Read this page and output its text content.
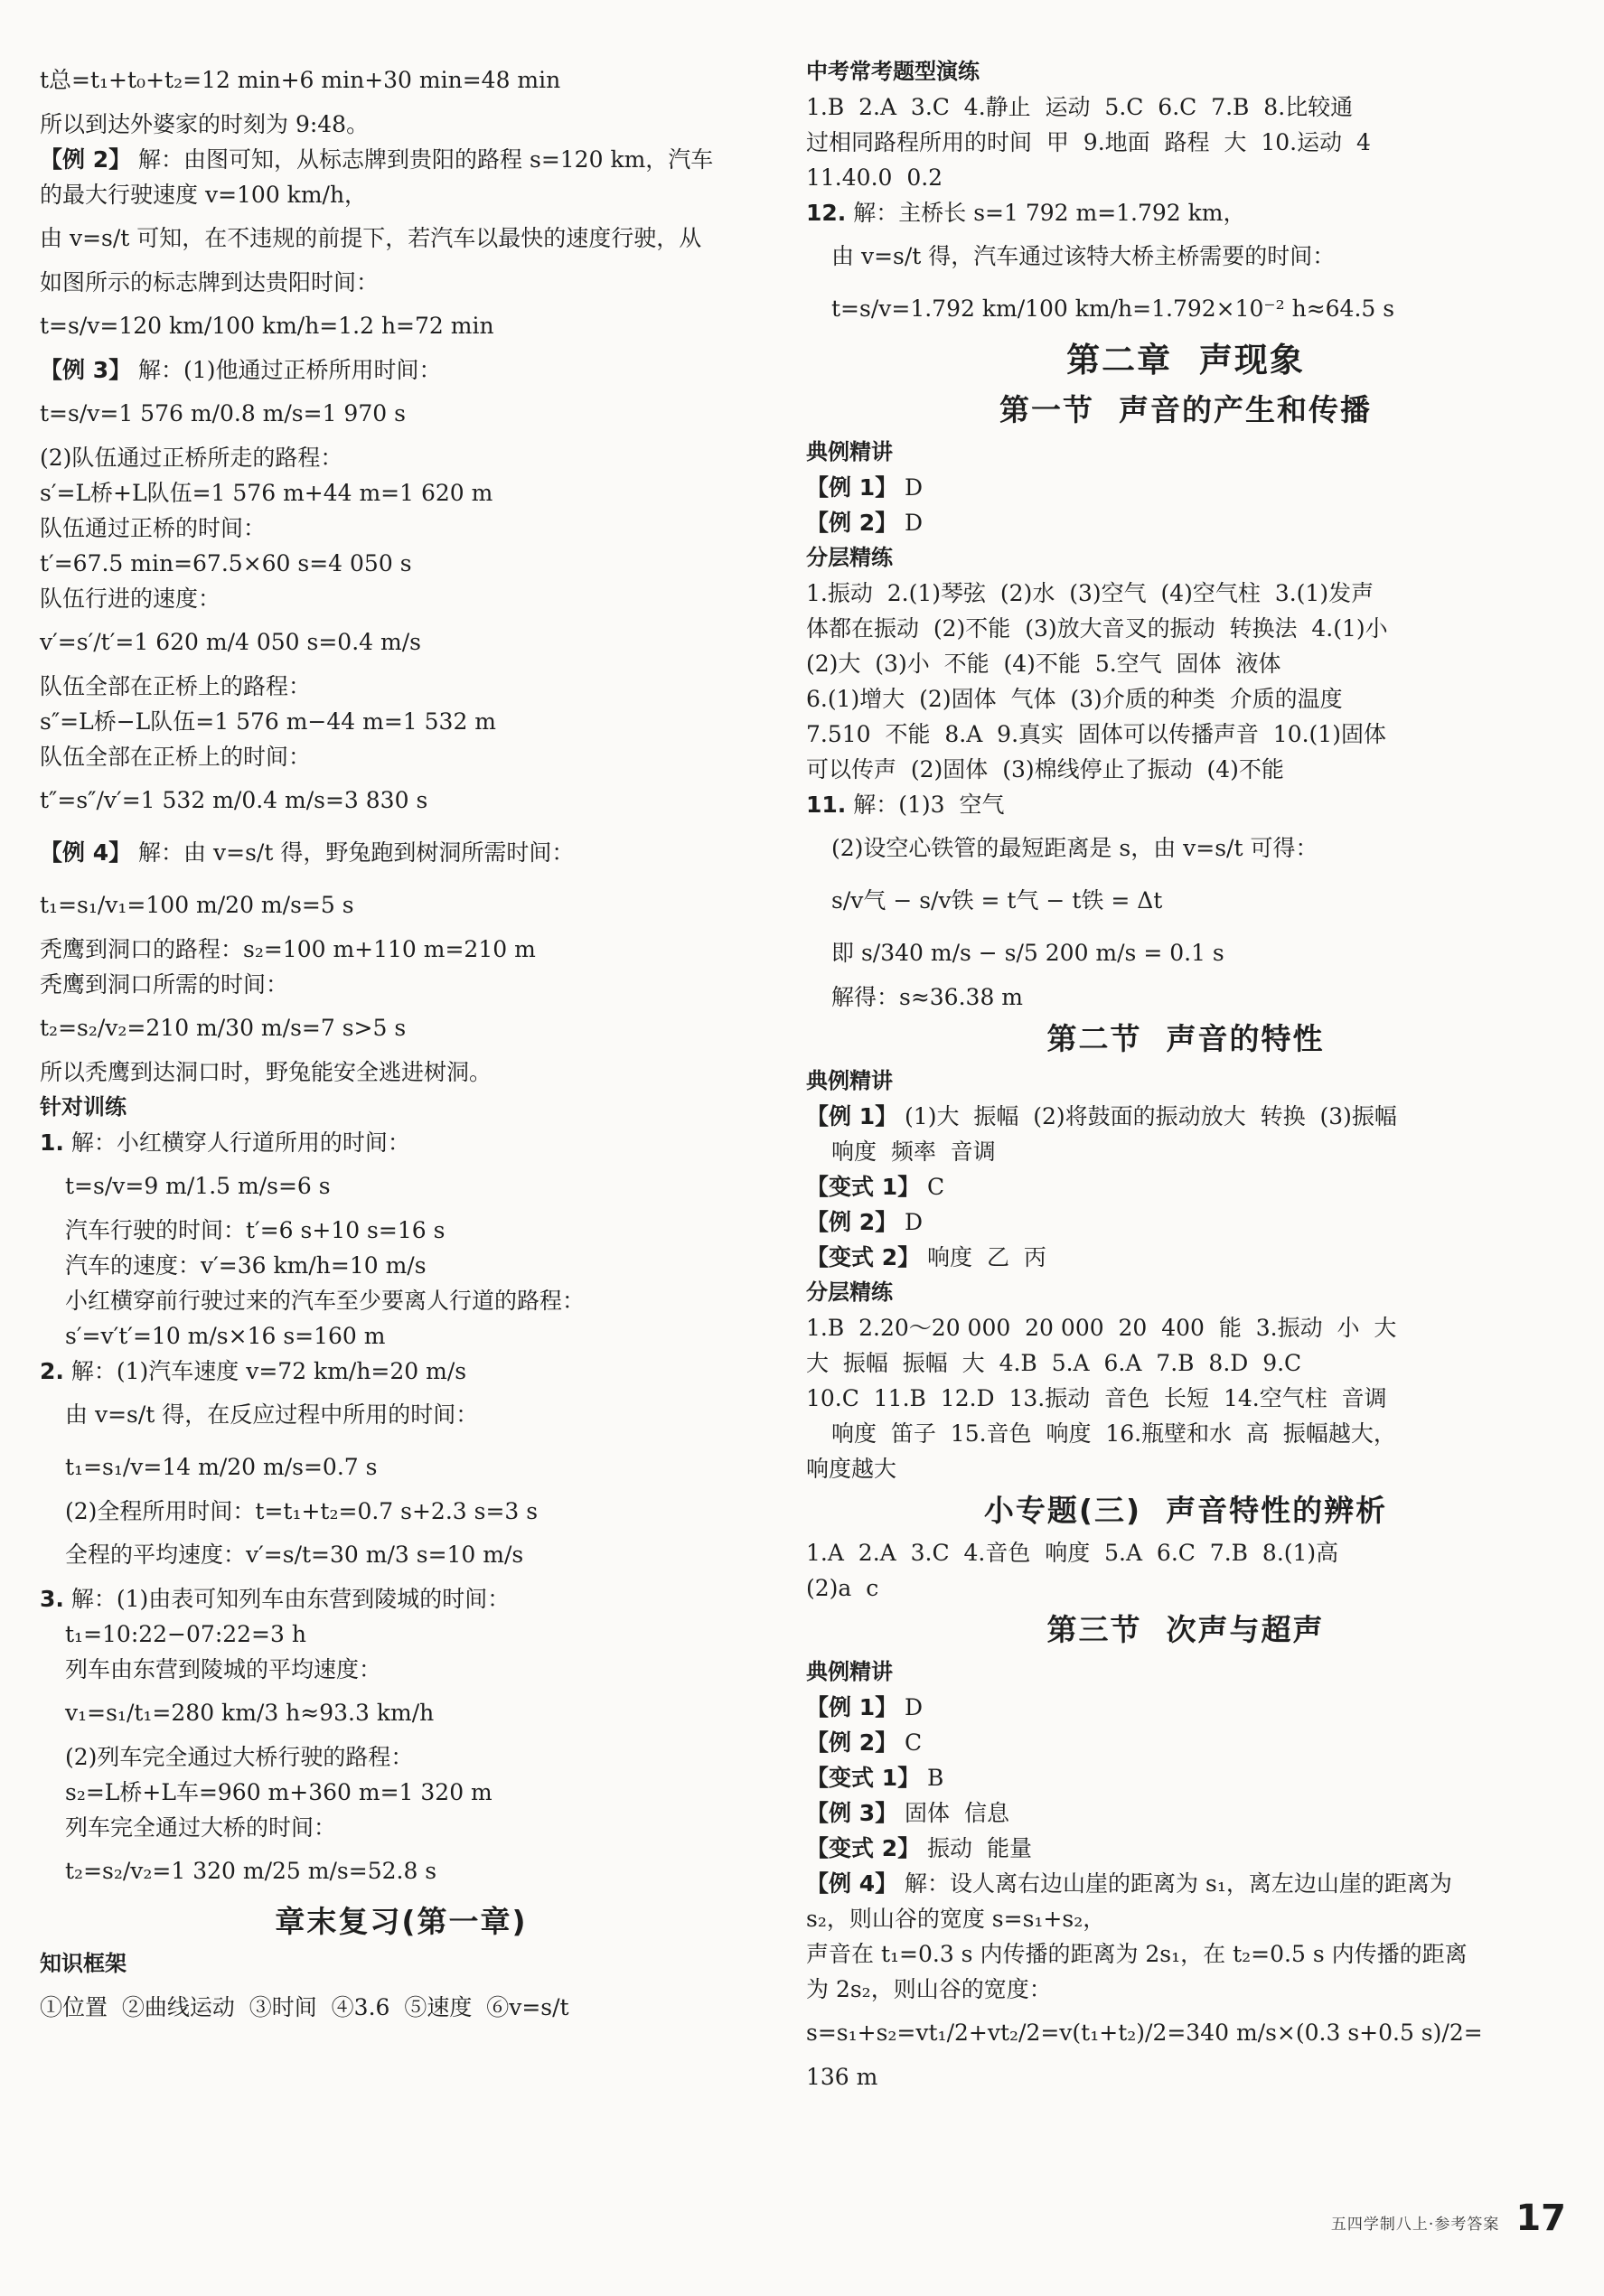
t总=t₁+t₀+t₂=12 min+6 min+30 min=48 min
所以到达外婆家的时刻为 9:48。
【例 2】 解：由图可知，从标志牌到贵阳的路程 s=120 km，汽车
的最大行驶速度 v=100 km/h，
由 v=s/t 可知，在不违规的前提下，若汽车以最快的速度行驶，从
如图所示的标志牌到达贵阳时间：
t=s/v=120 km/100 km/h=1.2 h=72 min
【例 3】 解：(1)他通过正桥所用时间：
t=s/v=1 576 m/0.8 m/s=1 970 s
(2)队伍通过正桥所走的路程：
s′=L桥+L队伍=1 576 m+44 m=1 620 m
队伍通过正桥的时间：
t′=67.5 min=67.5×60 s=4 050 s
队伍行进的速度：
v′=s′/t′=1 620 m/4 050 s=0.4 m/s
队伍全部在正桥上的路程：
s″=L桥−L队伍=1 576 m−44 m=1 532 m
队伍全部在正桥上的时间：
t″=s″/v′=1 532 m/0.4 m/s=3 830 s
【例 4】 解：由 v=s/t 得，野兔跑到树洞所需时间：
t₁=s₁/v₁=100 m/20 m/s=5 s
秃鹰到洞口的路程：s₂=100 m+110 m=210 m
秃鹰到洞口所需的时间：
t₂=s₂/v₂=210 m/30 m/s=7 s>5 s
所以秃鹰到达洞口时，野兔能安全逃进树洞。
针对训练
1. 解：小红横穿人行道所用的时间：
t=s/v=9 m/1.5 m/s=6 s
汽车行驶的时间：t′=6 s+10 s=16 s
汽车的速度：v′=36 km/h=10 m/s
小红横穿前行驶过来的汽车至少要离人行道的路程：
s′=v′t′=10 m/s×16 s=160 m
2. 解：(1)汽车速度 v=72 km/h=20 m/s
由 v=s/t 得，在反应过程中所用的时间：
t₁=s₁/v=14 m/20 m/s=0.7 s
(2)全程所用时间：t=t₁+t₂=0.7 s+2.3 s=3 s
全程的平均速度：v′=s/t=30 m/3 s=10 m/s
3. 解：(1)由表可知列车由东营到陵城的时间：
t₁=10:22−07:22=3 h
列车由东营到陵城的平均速度：
v₁=s₁/t₁=280 km/3 h≈93.3 km/h
(2)列车完全通过大桥行驶的路程：
s₂=L桥+L车=960 m+360 m=1 320 m
列车完全通过大桥的时间：
t₂=s₂/v₂=1 320 m/25 m/s=52.8 s
章末复习(第一章)
知识框架
①位置  ②曲线运动  ③时间  ④3.6  ⑤速度  ⑥v=s/t
中考常考题型演练
1.B  2.A  3.C  4.静止  运动  5.C  6.C  7.B  8.比较通
过相同路程所用的时间  甲  9.地面  路程  大  10.运动  4
11.40.0  0.2
12. 解：主桥长 s=1 792 m=1.792 km，
由 v=s/t 得，汽车通过该特大桥主桥需要的时间：
t=s/v=1.792 km/100 km/h=1.792×10⁻² h≈64.5 s
第二章  声现象
第一节  声音的产生和传播
典例精讲
【例 1】 D
【例 2】 D
分层精练
1.振动  2.(1)琴弦  (2)水  (3)空气  (4)空气柱  3.(1)发声
体都在振动  (2)不能  (3)放大音叉的振动  转换法  4.(1)小
(2)大  (3)小  不能  (4)不能  5.空气  固体  液体
6.(1)增大  (2)固体  气体  (3)介质的种类  介质的温度
7.510  不能  8.A  9.真实  固体可以传播声音  10.(1)固体
可以传声  (2)固体  (3)棉线停止了振动  (4)不能
11. 解：(1)3  空气
(2)设空心铁管的最短距离是 s，由 v=s/t 可得：
s/v气 − s/v铁 = t气 − t铁 = Δt
即 s/340 m/s − s/5 200 m/s = 0.1 s
解得：s≈36.38 m
第二节  声音的特性
典例精讲
【例 1】 (1)大  振幅  (2)将鼓面的振动放大  转换  (3)振幅
响度  频率  音调
【变式 1】 C
【例 2】 D
【变式 2】 响度  乙  丙
分层精练
1.B  2.20～20 000  20 000  20  400  能  3.振动  小  大
大  振幅  振幅  大  4.B  5.A  6.A  7.B  8.D  9.C
10.C  11.B  12.D  13.振动  音色  长短  14.空气柱  音调
响度  笛子  15.音色  响度  16.瓶壁和水  高  振幅越大，
响度越大
小专题(三)  声音特性的辨析
1.A  2.A  3.C  4.音色  响度  5.A  6.C  7.B  8.(1)高
(2)a  c
第三节  次声与超声
典例精讲
【例 1】 D
【例 2】 C
【变式 1】 B
【例 3】 固体  信息
【变式 2】 振动  能量
【例 4】 解：设人离右边山崖的距离为 s₁，离左边山崖的距离为
s₂，则山谷的宽度 s=s₁+s₂，
声音在 t₁=0.3 s 内传播的距离为 2s₁，在 t₂=0.5 s 内传播的距离
为 2s₂，则山谷的宽度：
s=s₁+s₂=vt₁/2+vt₂/2=v(t₁+t₂)/2=340 m/s×(0.3 s+0.5 s)/2=
136 m
五四学制八上·参考答案 17
